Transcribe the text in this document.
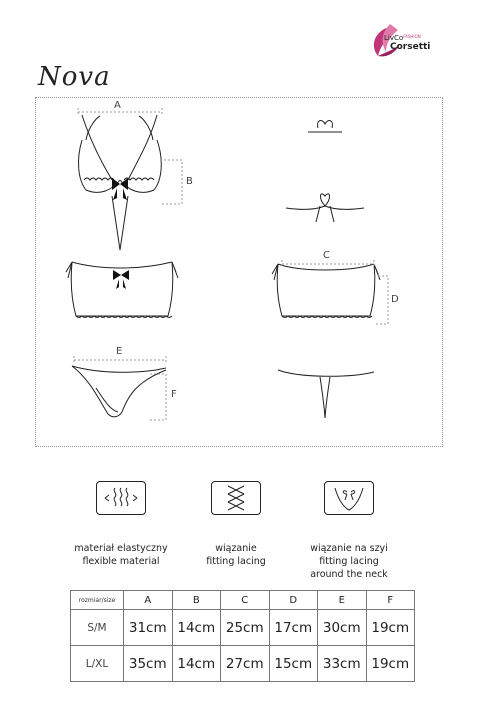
LivCo$^{FASHION}$
Corsetti
Nova
A
B
C
D
E
F
materiał elastyczny
flexible material
wiązanie
fitting lacing
wiązanie na szyi
fitting lacing
around the neck
rozmiar/size	A	B	C	D	E	F
S/M	31cm	14cm	25cm	17cm	30cm	19cm
L/XL	35cm	14cm	27cm	15cm	33cm	19cm
